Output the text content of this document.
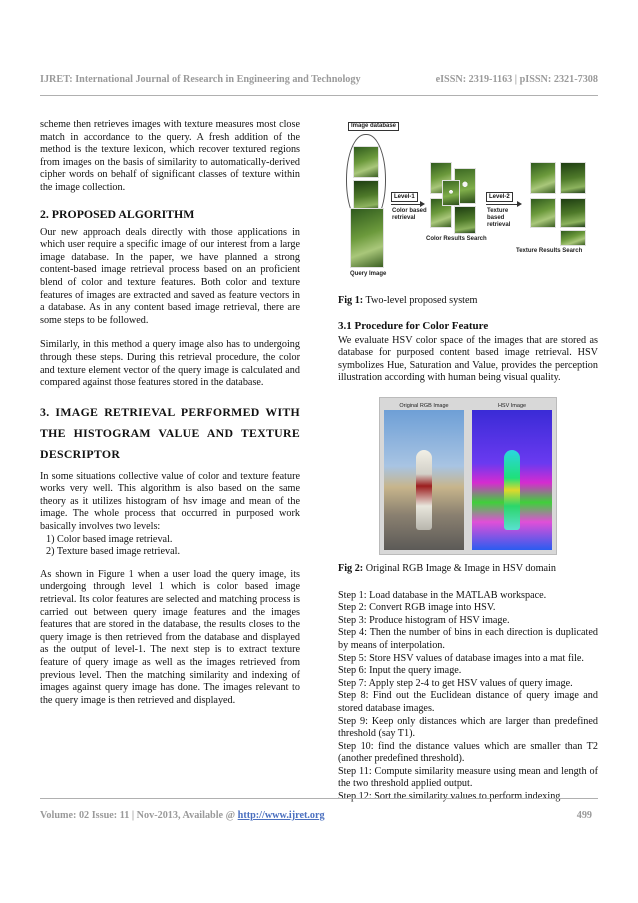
IJRET: International Journal of Research in Engineering and Technology	eISSN: 2319-1163 | pISSN: 2321-7308

scheme then retrieves images with texture measures most close match in accordance to the query. A fresh addition of the method is the texture lexicon, which recover textured regions from images on the basis of similarity to automatically-derived cipher words on behalf of significant classes of texture within the image collection.

2. PROPOSED ALGORITHM

Our new approach deals directly with those applications in which user require a specific image of our interest from a large image database. In the paper, we have planned a strong content-based image retrieval process based on an proficient blend of color and texture features. Both color and texture features of images are extracted and saved as feature vectors in a database. As in any content based image retrieval, there are some steps to be followed.

Similarly, in this method a query image also has to undergoing through these steps. During this retrieval procedure, the color and texture element vector of the query image is calculated and compared against those features stored in the database.

3. IMAGE RETRIEVAL PERFORMED WITH THE HISTOGRAM VALUE AND TEXTURE DESCRIPTOR

In some situations collective value of color and texture feature works very well. This algorithm is also based on the same theory as it utilizes histogram of hsv image and mean of the image. The whole process that occurred in purposed work basically involves two levels:

1) Color based image retrieval.
2) Texture based image retrieval.

As shown in Figure 1 when a user load the query image, its undergoing through level 1 which is color based image retrieval. Its color features are selected and matching process is carried out between query image features and the images features that are stored in the database, the results closes to the query image is then retrieved from the database and displayed as the output of level-1. The next step is to extract texture feature of query image as well as the images retrieved from previous level. Then the matching similarity and indexing of images against query image has done. The images relevant to the query image is then retrieved and displayed.

Image database
Query Image
Level-1
Color based retrieval
Color Results Search
Level-2
Texture based retrieval
Texture Results Search

Fig 1: Two-level proposed system

3.1 Procedure for Color Feature

We evaluate HSV color space of the images that are stored as database for purposed content based image retrieval. HSV symbolizes Hue, Saturation and Value, provides the perception illustration according with human being visual quality.

Original RGB Image	HSV Image

Fig 2: Original RGB Image & Image in HSV domain

Step 1: Load database in the MATLAB workspace.

Step 2: Convert RGB image into HSV.

Step 3: Produce histogram of HSV image.

Step 4: Then the number of bins in each direction is duplicated by means of interpolation.

Step 5: Store HSV values of database images into a mat file.

Step 6: Input the query image.

Step 7: Apply step 2-4 to get HSV values of query image.

Step 8: Find out the Euclidean distance of query image and stored database images.

Step 9: Keep only distances which are larger than predefined threshold (say T1).

Step 10: find the distance values which are smaller than T2 (another predefined threshold).

Step 11: Compute similarity measure using mean and length of the two threshold applied output.

Step 12: Sort the similarity values to perform indexing

Volume: 02 Issue: 11 | Nov-2013, Available @ http://www.ijret.org	499
